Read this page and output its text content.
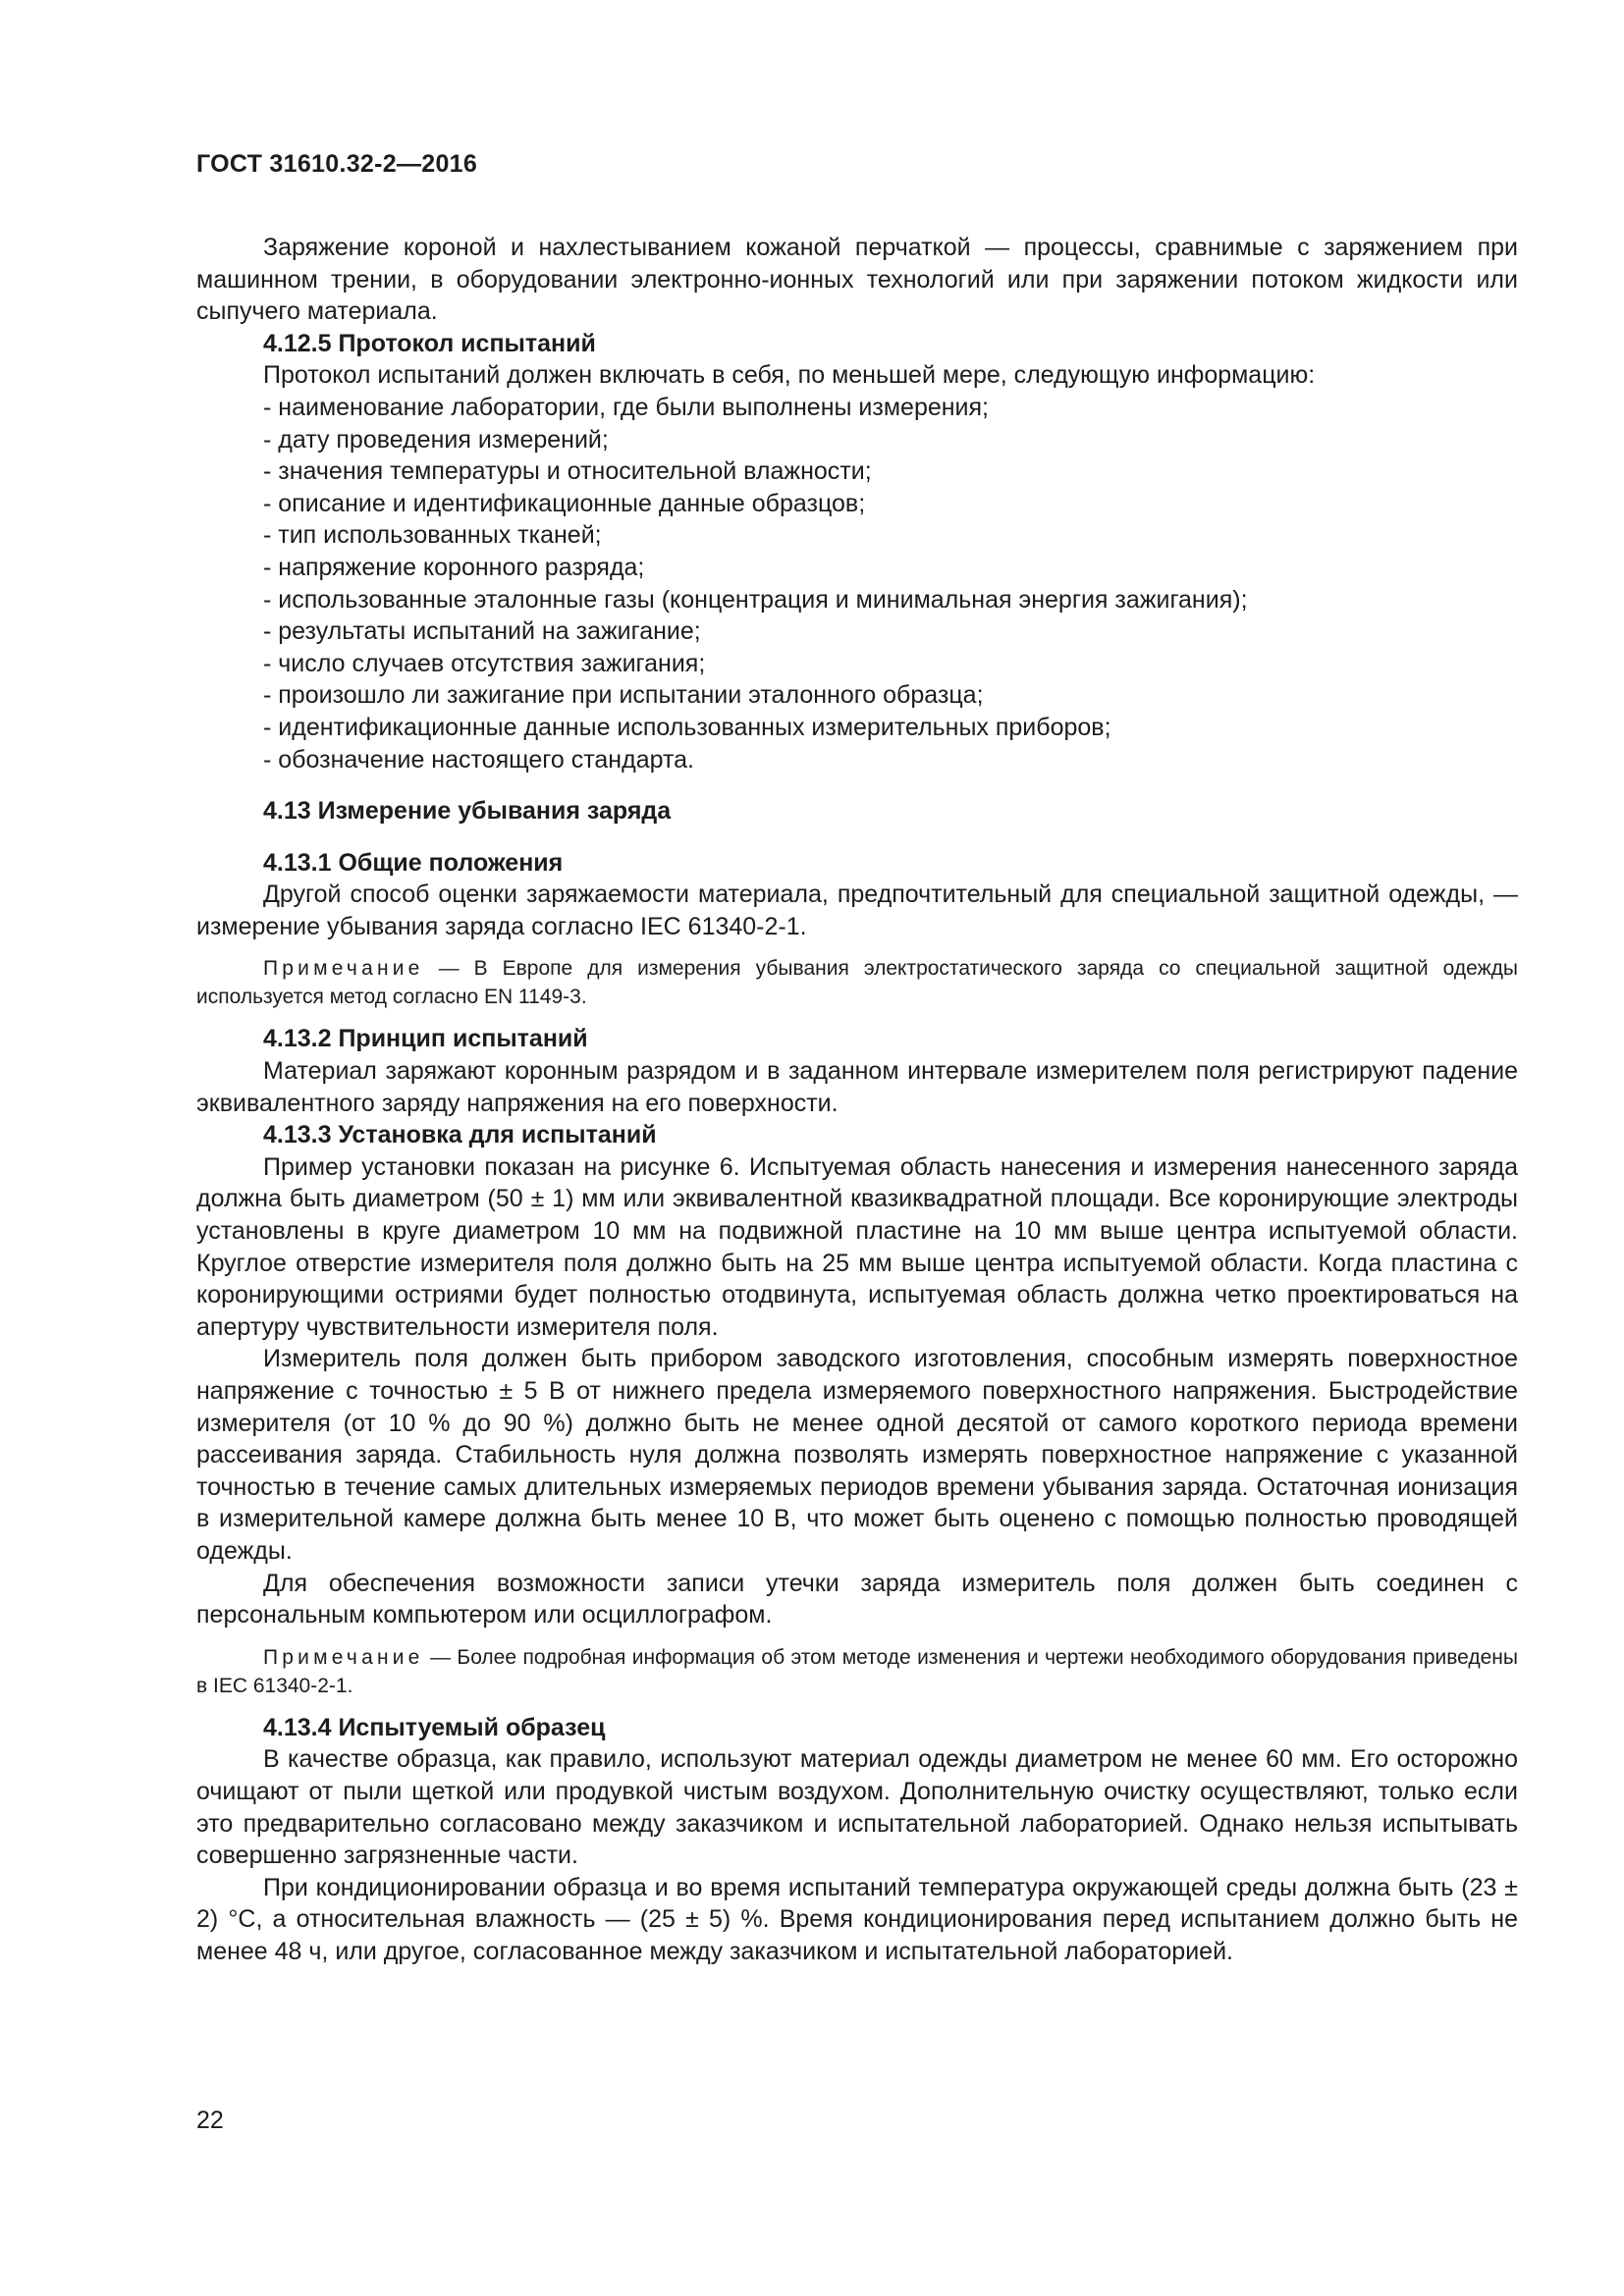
ГОСТ 31610.32-2—2016

Заряжение короной и нахлестыванием кожаной перчаткой — процессы, сравнимые с заряжением при машинном трении, в оборудовании электронно-ионных технологий или при заряжении потоком жидкости или сыпучего материала.

4.12.5 Протокол испытаний
Протокол испытаний должен включать в себя, по меньшей мере, следующую информацию:
- наименование лаборатории, где были выполнены измерения;
- дату проведения измерений;
- значения температуры и относительной влажности;
- описание и идентификационные данные образцов;
- тип использованных тканей;
- напряжение коронного разряда;
- использованные эталонные газы (концентрация и минимальная энергия зажигания);
- результаты испытаний на зажигание;
- число случаев отсутствия зажигания;
- произошло ли зажигание при испытании эталонного образца;
- идентификационные данные использованных измерительных приборов;
- обозначение настоящего стандарта.
4.13 Измерение убывания заряда
4.13.1 Общие положения

Другой способ оценки заряжаемости материала, предпочтительный для специальной защитной одежды, — измерение убывания заряда согласно IEC 61340-2-1.

Примечание — В Европе для измерения убывания электростатического заряда со специальной защитной одежды используется метод согласно EN 1149-3.
4.13.2 Принцип испытаний

Материал заряжают коронным разрядом и в заданном интервале измерителем поля регистрируют падение эквивалентного заряду напряжения на его поверхности.

4.13.3 Установка для испытаний

Пример установки показан на рисунке 6. Испытуемая область нанесения и измерения нанесенного заряда должна быть диаметром (50 ± 1) мм или эквивалентной квазиквадратной площади. Все коронирующие электроды установлены в круге диаметром 10 мм на подвижной пластине на 10 мм выше центра испытуемой области. Круглое отверстие измерителя поля должно быть на 25 мм выше центра испытуемой области. Когда пластина с коронирующими остриями будет полностью отодвинута, испытуемая область должна четко проектироваться на апертуру чувствительности измерителя поля.

Измеритель поля должен быть прибором заводского изготовления, способным измерять поверхностное напряжение с точностью ± 5 В от нижнего предела измеряемого поверхностного напряжения. Быстродействие измерителя (от 10 % до 90 %) должно быть не менее одной десятой от самого короткого периода времени рассеивания заряда. Стабильность нуля должна позволять измерять поверхностное напряжение с указанной точностью в течение самых длительных измеряемых периодов времени убывания заряда. Остаточная ионизация в измерительной камере должна быть менее 10 В, что может быть оценено с помощью полностью проводящей одежды.

Для обеспечения возможности записи утечки заряда измеритель поля должен быть соединен с персональным компьютером или осциллографом.

Примечание — Более подробная информация об этом методе изменения и чертежи необходимого оборудования приведены в IEC 61340-2-1.
4.13.4 Испытуемый образец

В качестве образца, как правило, используют материал одежды диаметром не менее 60 мм. Его осторожно очищают от пыли щеткой или продувкой чистым воздухом. Дополнительную очистку осуществляют, только если это предварительно согласовано между заказчиком и испытательной лабораторией. Однако нельзя испытывать совершенно загрязненные части.

При кондиционировании образца и во время испытаний температура окружающей среды должна быть (23 ± 2) °С, а относительная влажность — (25 ± 5) %. Время кондиционирования перед испытанием должно быть не менее 48 ч, или другое, согласованное между заказчиком и испытательной лабораторией.

22
